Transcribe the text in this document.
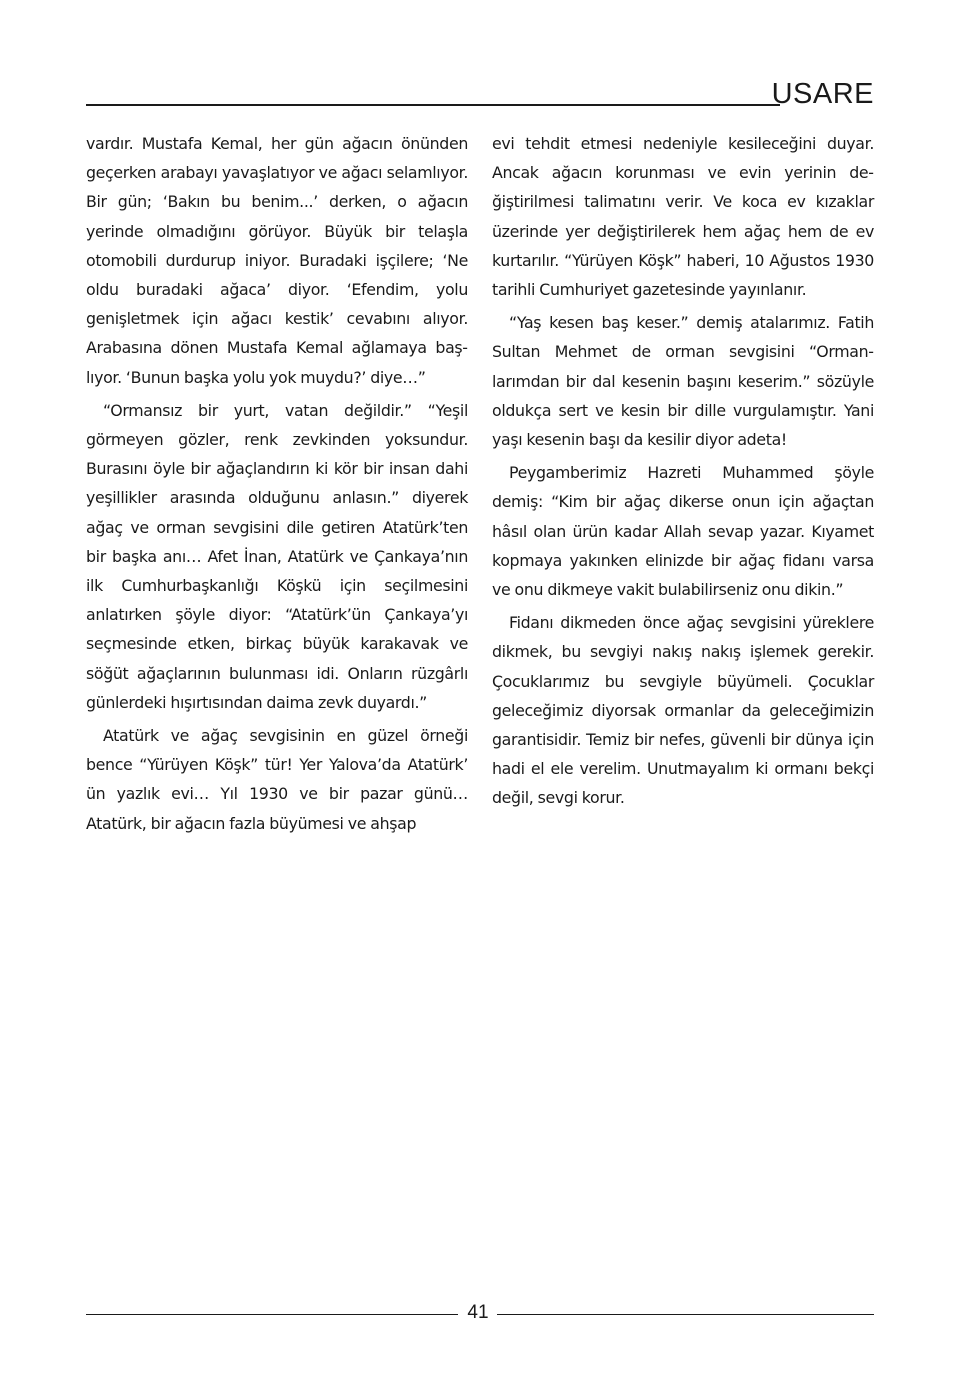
USARE

vardır. Mustafa Kemal, her gün ağacın önünden geçerken arabayı yavaşlatıyor ve ağacı selamlıyor. Bir gün; ‘Bakın bu benim...’ derken, o ağacın yerinde olmadığını görüyor. Büyük bir telaşla otomobili durdurup iniyor. Buradaki işçilere; ‘Ne oldu buradaki ağaca’ diyor. ‘Efendim, yolu genişletmek için ağacı kestik’ cevabını alıyor. Arabasına dönen Mustafa Kemal ağlamaya başlıyor. ‘Bunun başka yolu yok muydu?’ diye…”

“Ormansız bir yurt, vatan değildir.” “Yeşil görmeyen gözler, renk zevkinden yoksundur. Burasını öyle bir ağaçlandırın ki kör bir insan dahi yeşillikler arasında olduğunu anlasın.” diyerek ağaç ve orman sevgisini dile getiren Atatürk’ten bir başka anı… Afet İnan, Atatürk ve Çankaya’nın ilk Cumhurbaşkanlığı Köşkü için seçilmesini anlatırken şöyle diyor: “Atatürk’ün Çankaya’yı seçmesinde etken, birkaç büyük karakavak ve söğüt ağaçlarının bulunması idi. Onların rüzgârlı günlerdeki hışırtısından daima zevk duyardı.”

Atatürk ve ağaç sevgisinin en güzel örneği bence “Yürüyen Köşk” tür! Yer Yalova’da Atatürk’ ün yazlık evi… Yıl 1930 ve bir pazar günü… Atatürk, bir ağacın fazla büyümesi ve ahşap

evi tehdit etmesi nedeniyle kesileceğini duyar. Ancak ağacın korunması ve evin yerinin değiştirilmesi talimatını verir. Ve koca ev kızaklar üzerinde yer değiştirilerek hem ağaç hem de ev kurtarılır. “Yürüyen Köşk” haberi, 10 Ağustos 1930 tarihli Cumhuriyet gazetesinde yayınlanır.

“Yaş kesen baş keser.” demiş atalarımız. Fatih Sultan Mehmet de orman sevgisini “Ormanlarımdan bir dal kesenin başını keserim.” sözüyle oldukça sert ve kesin bir dille vurgulamıştır. Yani yaşı kesenin başı da kesilir diyor adeta!

Peygamberimiz Hazreti Muhammed şöyle demiş: “Kim bir ağaç dikerse onun için ağaçtan hâsıl olan ürün kadar Allah sevap yazar. Kıyamet kopmaya yakınken elinizde bir ağaç fidanı varsa ve onu dikmeye vakit bulabilirseniz onu dikin.”

Fidanı dikmeden önce ağaç sevgisini yüreklere dikmek, bu sevgiyi nakış nakış işlemek gerekir. Çocuklarımız bu sevgiyle büyümeli. Çocuklar geleceğimiz diyorsak ormanlar da geleceğimizin garantisidir. Temiz bir nefes, güvenli bir dünya için hadi el ele verelim. Unutmayalım ki ormanı bekçi değil, sevgi korur.

41
